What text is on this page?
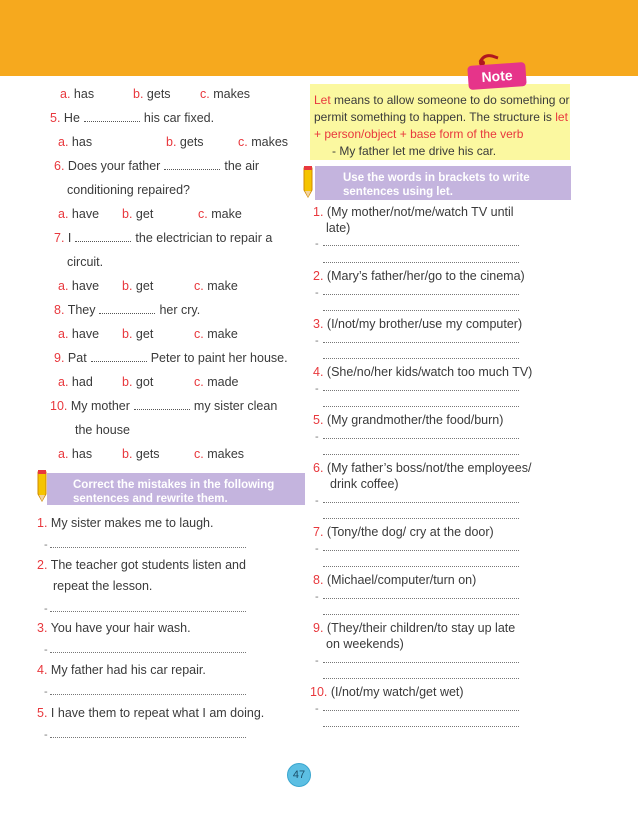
a. has	b. gets c. makes
5. He	his car fixed.
a. has	b. gets	c. makes
6. Does your father	the air
conditioning repaired?
a. have b. get	c. make
7. I	the electrician to repair a
circuit.
a. have b. get	c. make
8. They	her cry.
a. have b. get	c. make
9. Pat	Peter to paint her house.
a. had b. got	c. made
10. My mother	my sister clean
the house
a. has b. gets	c. makes
Correct the mistakes in the following
sentences and rewrite them.
1. My sister makes me to laugh.
-
2. The teacher got students listen and
repeat the lesson.
-
3. You have your hair wash.
-
4. My father had his car repair.
-
5. I have them to repeat what I am doing.
-
Note
Let means to allow someone to do something or
permit something to happen. The structure is let
+ person/object + base form of the verb
- My father let me drive his car.
Use the words in brackets to write
sentences using let.
1. (My mother/not/me/watch TV until
late)
-
2. (Mary’s father/her/go to the cinema)
-
3. (I/not/my brother/use my computer)
-
4. (She/no/her kids/watch too much TV)
-
5. (My grandmother/the food/burn)
-
6. (My father’s boss/not/the employees/
drink coffee)
-
7. (Tony/the dog/ cry at the door)
-
8. (Michael/computer/turn on)
-
9. (They/their children/to stay up late
on weekends)
-
10. (I/not/my watch/get wet)
-
47
